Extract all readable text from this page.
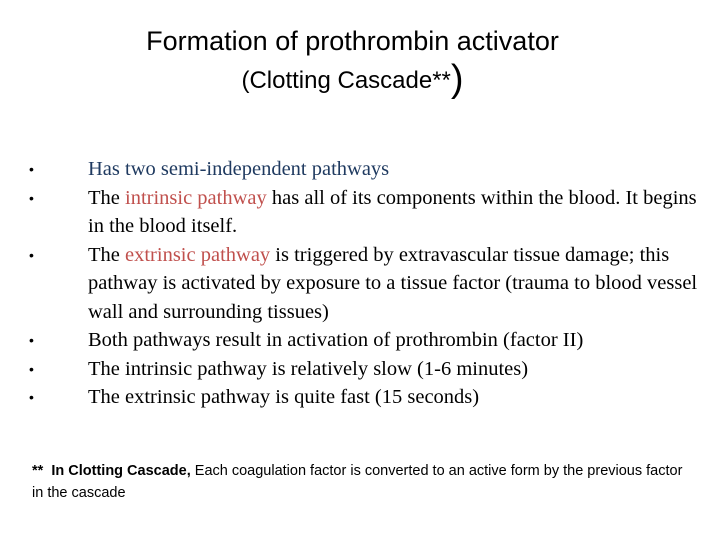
Formation of prothrombin activator
(Clotting Cascade**)
•	Has two semi-independent pathways
•	The intrinsic pathway has all of its components within the blood. It begins in the blood itself.
•	The extrinsic pathway is triggered by extravascular tissue damage; this pathway is activated by exposure to a tissue factor (trauma to blood vessel wall and surrounding tissues)
•	Both pathways result in activation of prothrombin (factor II)
•	The intrinsic pathway is relatively slow (1-6 minutes)
•	The extrinsic pathway is quite fast (15 seconds)
** In Clotting Cascade, Each coagulation factor is converted to an active form by the previous factor in the cascade
